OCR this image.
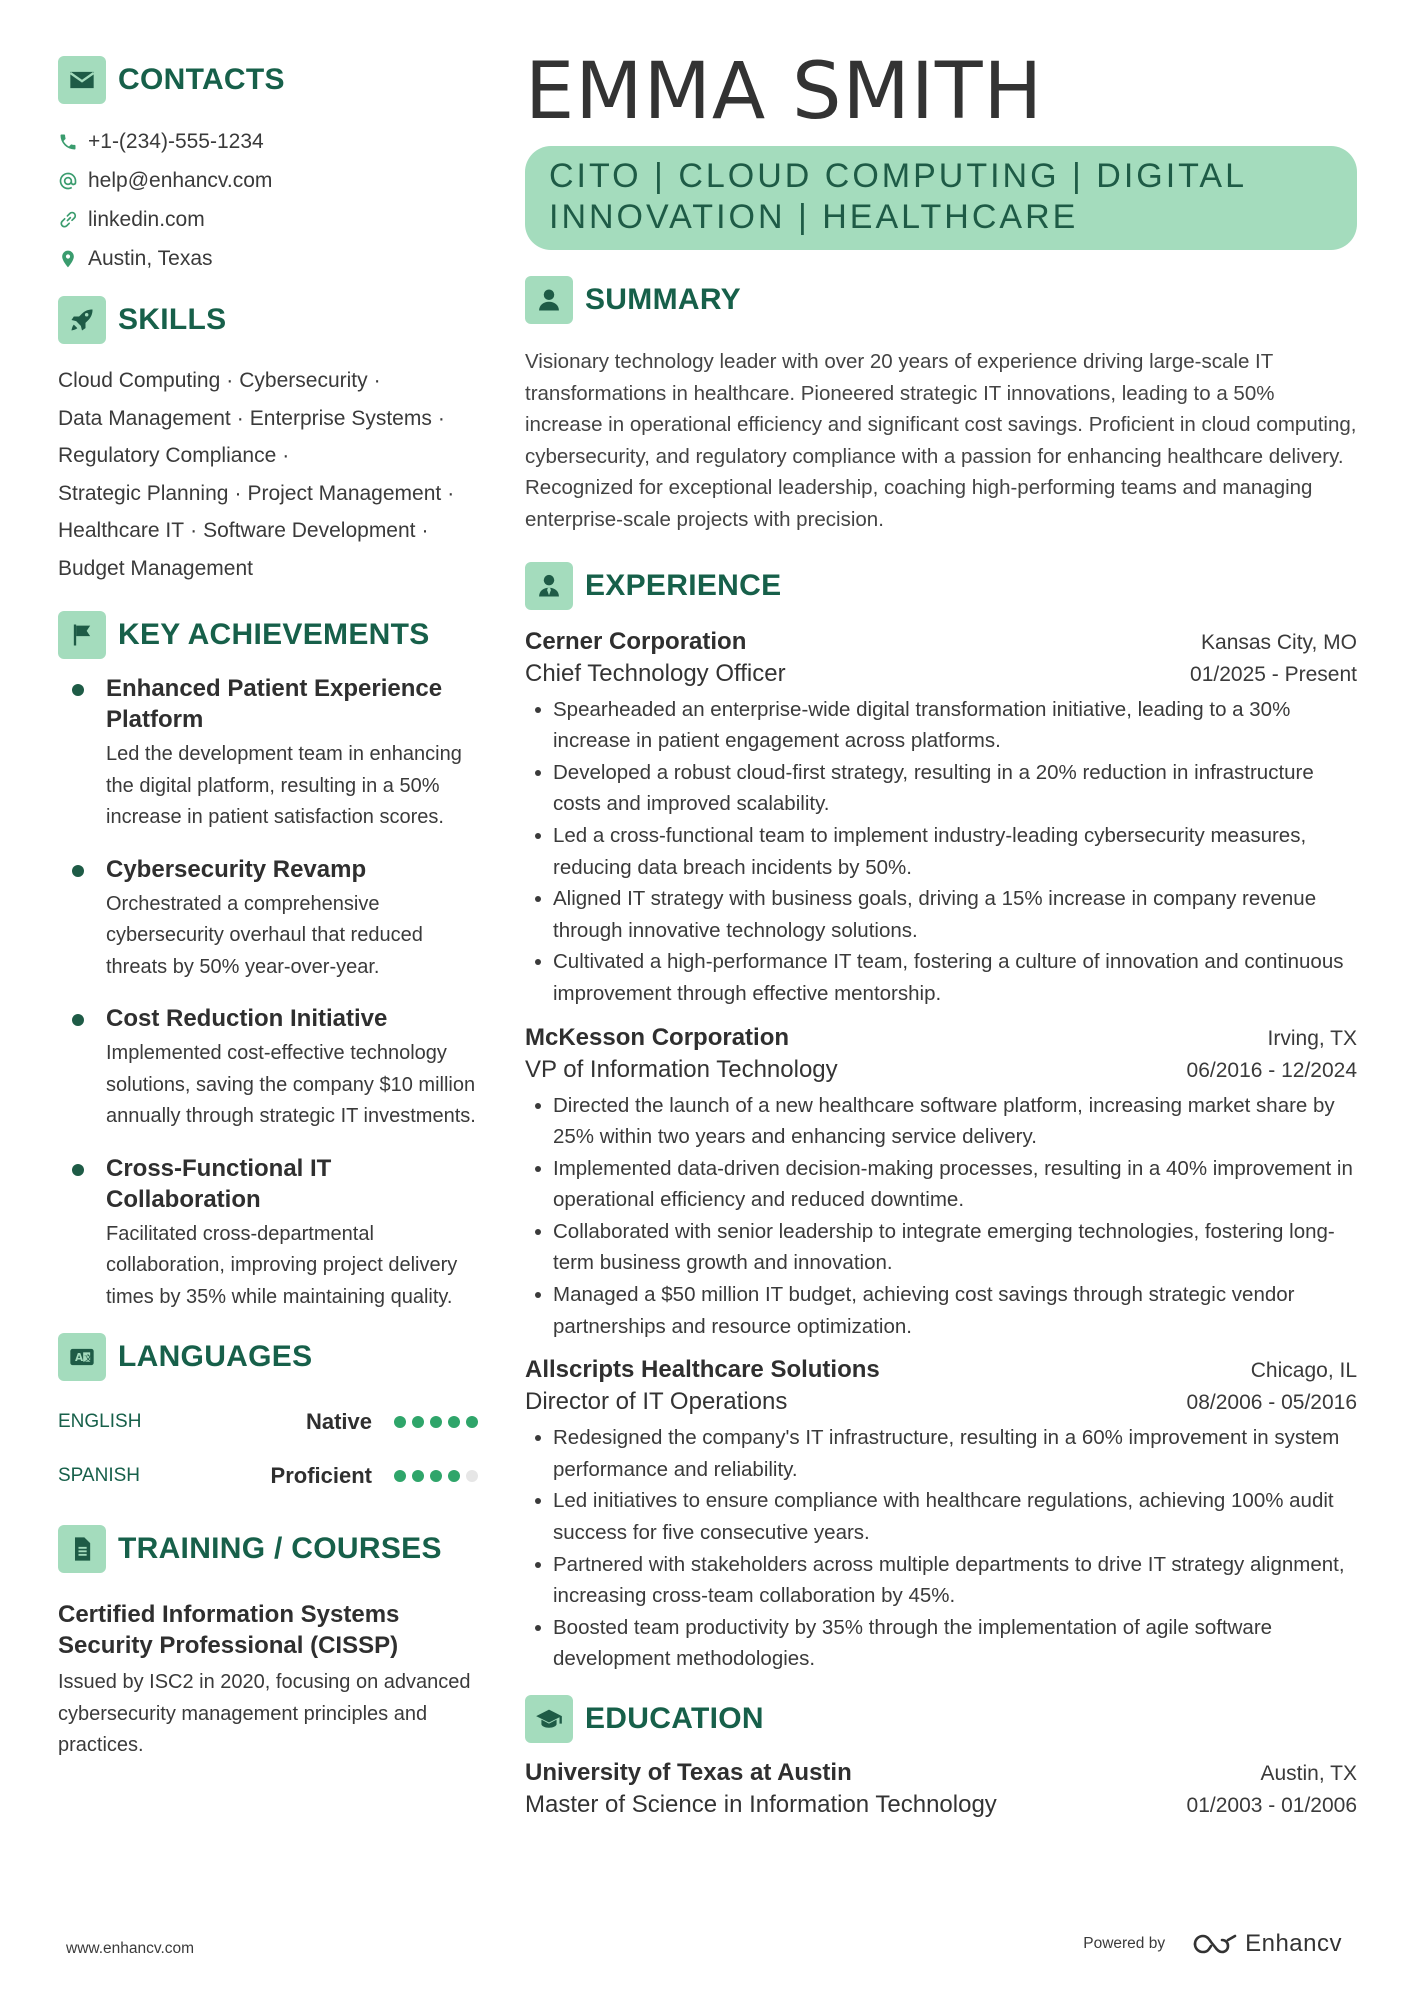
CONTACTS
+1-(234)-555-1234
help@enhancv.com
linkedin.com
Austin, Texas
SKILLS
Cloud Computing · Cybersecurity ·
Data Management · Enterprise Systems ·
Regulatory Compliance ·
Strategic Planning · Project Management ·
Healthcare IT · Software Development ·
Budget Management
KEY ACHIEVEMENTS
Enhanced Patient Experience Platform
Led the development team in enhancing the digital platform, resulting in a 50% increase in patient satisfaction scores.
Cybersecurity Revamp
Orchestrated a comprehensive cybersecurity overhaul that reduced threats by 50% year-over-year.
Cost Reduction Initiative
Implemented cost-effective technology solutions, saving the company $10 million annually through strategic IT investments.
Cross-Functional IT Collaboration
Facilitated cross-departmental collaboration, improving project delivery times by 35% while maintaining quality.
A 文 LANGUAGES
ENGLISH	Native
SPANISH	Proficient
TRAINING / COURSES
Certified Information Systems Security Professional (CISSP)
Issued by ISC2 in 2020, focusing on advanced cybersecurity management principles and practices.
EMMA SMITH
CITO | CLOUD COMPUTING | DIGITAL INNOVATION | HEALTHCARE
SUMMARY
Visionary technology leader with over 20 years of experience driving large-scale IT transformations in healthcare. Pioneered strategic IT innovations, leading to a 50% increase in operational efficiency and significant cost savings. Proficient in cloud computing, cybersecurity, and regulatory compliance with a passion for enhancing healthcare delivery. Recognized for exceptional leadership, coaching high-performing teams and managing enterprise-scale projects with precision.
EXPERIENCE
Cerner Corporation	Kansas City, MO
Chief Technology Officer	01/2025 - Present
Spearheaded an enterprise-wide digital transformation initiative, leading to a 30% increase in patient engagement across platforms.
Developed a robust cloud-first strategy, resulting in a 20% reduction in infrastructure costs and improved scalability.
Led a cross-functional team to implement industry-leading cybersecurity measures, reducing data breach incidents by 50%.
Aligned IT strategy with business goals, driving a 15% increase in company revenue through innovative technology solutions.
Cultivated a high-performance IT team, fostering a culture of innovation and continuous improvement through effective mentorship.
McKesson Corporation	Irving, TX
VP of Information Technology	06/2016 - 12/2024
Directed the launch of a new healthcare software platform, increasing market share by 25% within two years and enhancing service delivery.
Implemented data-driven decision-making processes, resulting in a 40% improvement in operational efficiency and reduced downtime.
Collaborated with senior leadership to integrate emerging technologies, fostering long-term business growth and innovation.
Managed a $50 million IT budget, achieving cost savings through strategic vendor partnerships and resource optimization.
Allscripts Healthcare Solutions	Chicago, IL
Director of IT Operations	08/2006 - 05/2016
Redesigned the company's IT infrastructure, resulting in a 60% improvement in system performance and reliability.
Led initiatives to ensure compliance with healthcare regulations, achieving 100% audit success for five consecutive years.
Partnered with stakeholders across multiple departments to drive IT strategy alignment, increasing cross-team collaboration by 45%.
Boosted team productivity by 35% through the implementation of agile software development methodologies.
EDUCATION
University of Texas at Austin	Austin, TX
Master of Science in Information Technology	01/2003 - 01/2006
www.enhancv.com	Powered by	Enhancv
